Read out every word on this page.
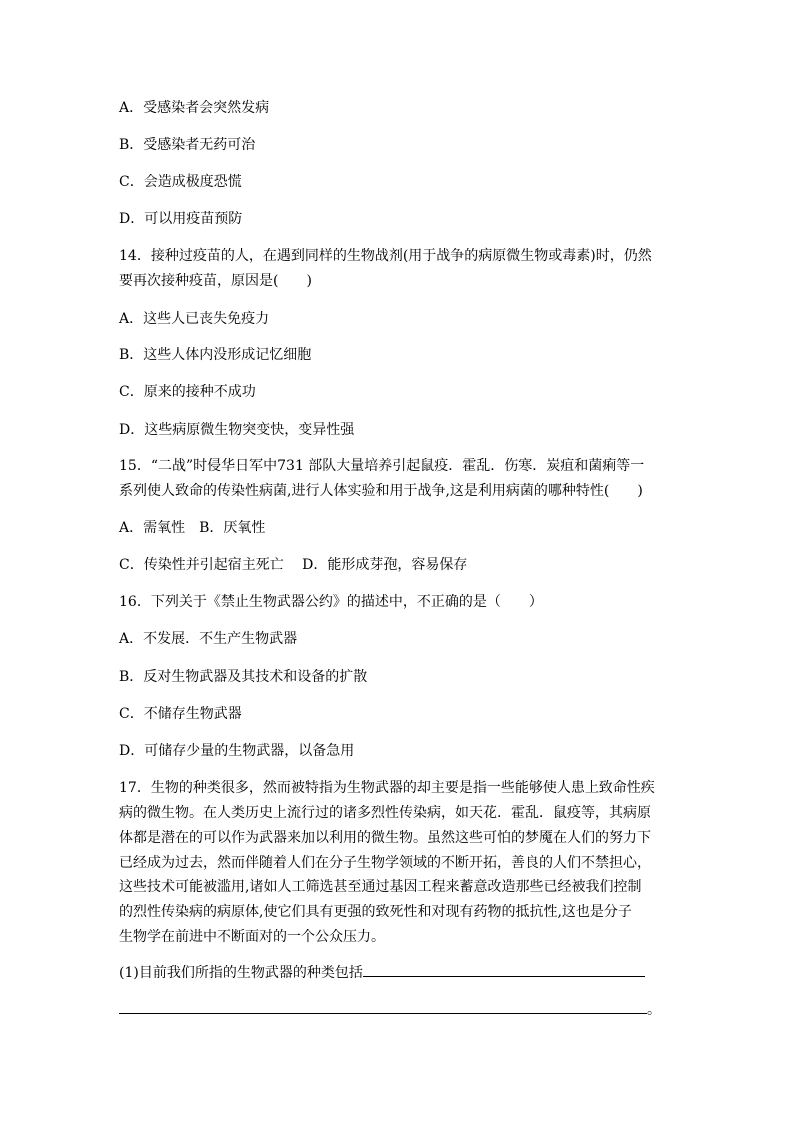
A．受感染者会突然发病
B．受感染者无药可治
C．会造成极度恐慌
D．可以用疫苗预防
14．接种过疫苗的人，在遇到同样的生物战剂(用于战争的病原微生物或毒素)时，仍然
要再次接种疫苗，原因是(　　)
A．这些人已丧失免疫力
B．这些人体内没形成记忆细胞
C．原来的接种不成功
D．这些病原微生物突变快，变异性强
15．“二战”时侵华日军中731 部队大量培养引起鼠疫．霍乱．伤寒．炭疽和菌痢等一
系列使人致命的传染性病菌,进行人体实验和用于战争,这是利用病菌的哪种特性(　　)
A．需氧性　B．厌氧性
C．传染性并引起宿主死亡　 D．能形成芽孢，容易保存
16．下列关于《禁止生物武器公约》的描述中，不正确的是（　　）
A．不发展．不生产生物武器
B．反对生物武器及其技术和设备的扩散
C．不储存生物武器
D．可储存少量的生物武器，以备急用
17．生物的种类很多，然而被特指为生物武器的却主要是指一些能够使人患上致命性疾
病的微生物。在人类历史上流行过的诸多烈性传染病，如天花．霍乱．鼠疫等，其病原
体都是潜在的可以作为武器来加以利用的微生物。虽然这些可怕的梦魇在人们的努力下
已经成为过去，然而伴随着人们在分子生物学领域的不断开拓，善良的人们不禁担心，
这些技术可能被滥用,诸如人工筛选甚至通过基因工程来蓄意改造那些已经被我们控制
的烈性传染病的病原体,使它们具有更强的致死性和对现有药物的抵抗性,这也是分子
生物学在前进中不断面对的一个公众压力。
(1)目前我们所指的生物武器的种类包括
。
